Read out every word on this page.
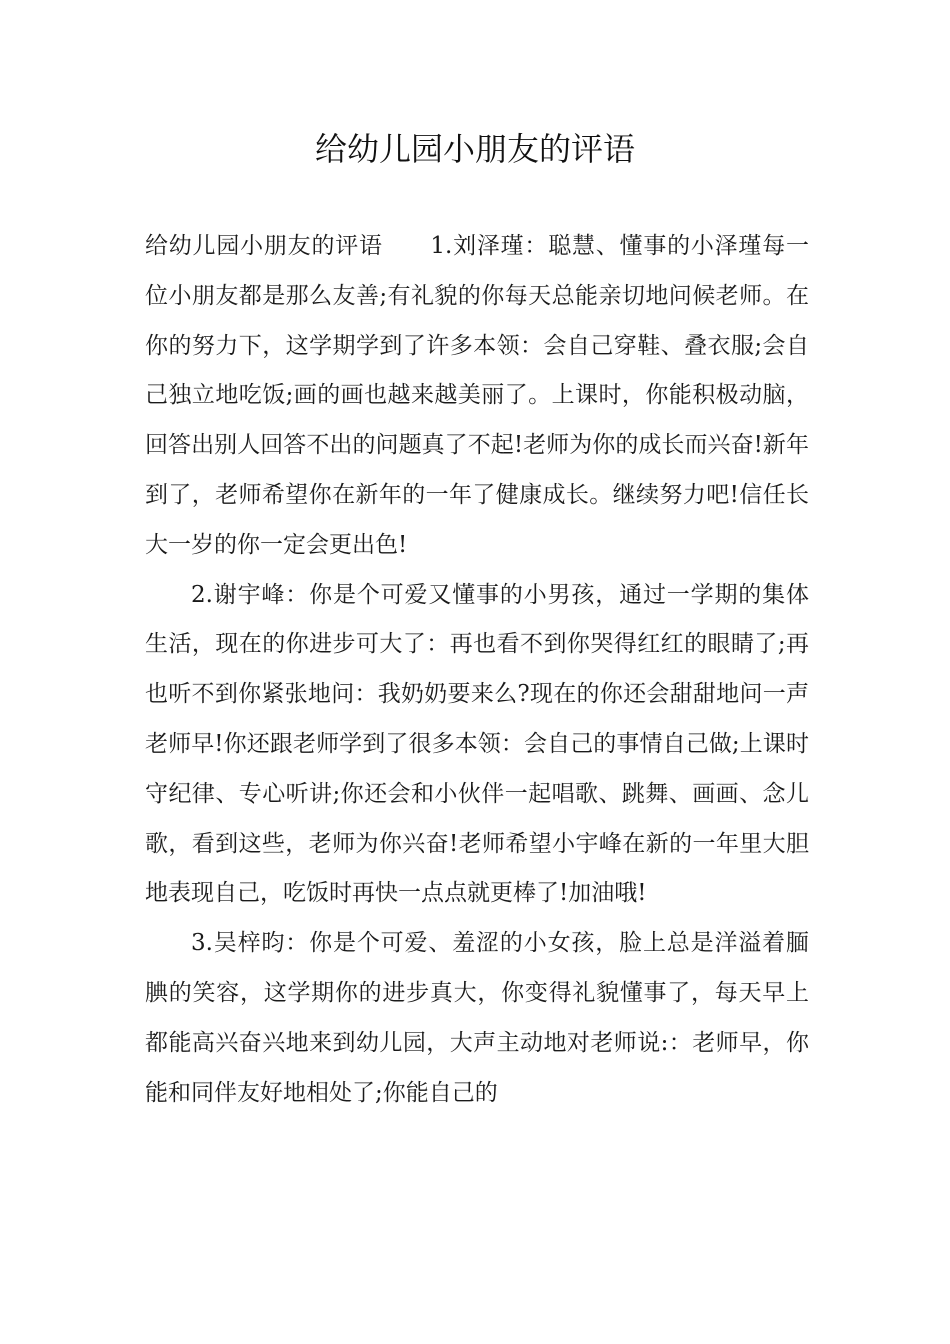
给幼儿园小朋友的评语

给幼儿园小朋友的评语　　1.刘泽瑾：聪慧、懂事的小泽瑾每一位小朋友都是那么友善;有礼貌的你每天总能亲切地问候老师。在你的努力下，这学期学到了许多本领：会自己穿鞋、叠衣服;会自己独立地吃饭;画的画也越来越美丽了。上课时，你能积极动脑，回答出别人回答不出的问题真了不起!老师为你的成长而兴奋!新年到了，老师希望你在新年的一年了健康成长。继续努力吧!信任长大一岁的你一定会更出色!

2.谢宇峰：你是个可爱又懂事的小男孩，通过一学期的集体生活，现在的你进步可大了：再也看不到你哭得红红的眼睛了;再也听不到你紧张地问：我奶奶要来么?现在的你还会甜甜地问一声老师早!你还跟老师学到了很多本领：会自己的事情自己做;上课时守纪律、专心听讲;你还会和小伙伴一起唱歌、跳舞、画画、念儿歌，看到这些，老师为你兴奋!老师希望小宇峰在新的一年里大胆地表现自己，吃饭时再快一点点就更棒了!加油哦!

3.吴梓昀：你是个可爱、羞涩的小女孩，脸上总是洋溢着腼腆的笑容，这学期你的进步真大，你变得礼貌懂事了，每天早上都能高兴奋兴地来到幼儿园，大声主动地对老师说:：老师早，你能和同伴友好地相处了;你能自己的
